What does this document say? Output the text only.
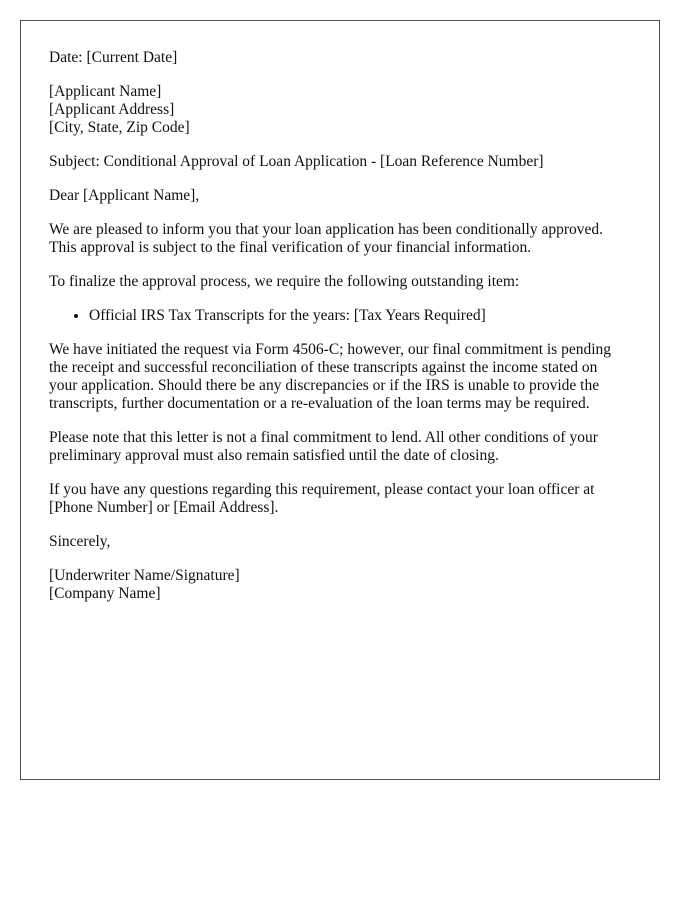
Date: [Current Date]
[Applicant Name]
[Applicant Address]
[City, State, Zip Code]
Subject: Conditional Approval of Loan Application - [Loan Reference Number]
Dear [Applicant Name],
We are pleased to inform you that your loan application has been conditionally approved.
This approval is subject to the final verification of your financial information.
To finalize the approval process, we require the following outstanding item:
• Official IRS Tax Transcripts for the years: [Tax Years Required]
We have initiated the request via Form 4506-C; however, our final commitment is pending
the receipt and successful reconciliation of these transcripts against the income stated on
your application. Should there be any discrepancies or if the IRS is unable to provide the
transcripts, further documentation or a re-evaluation of the loan terms may be required.
Please note that this letter is not a final commitment to lend. All other conditions of your
preliminary approval must also remain satisfied until the date of closing.
If you have any questions regarding this requirement, please contact your loan officer at
[Phone Number] or [Email Address].
Sincerely,
[Underwriter Name/Signature]
[Company Name]
